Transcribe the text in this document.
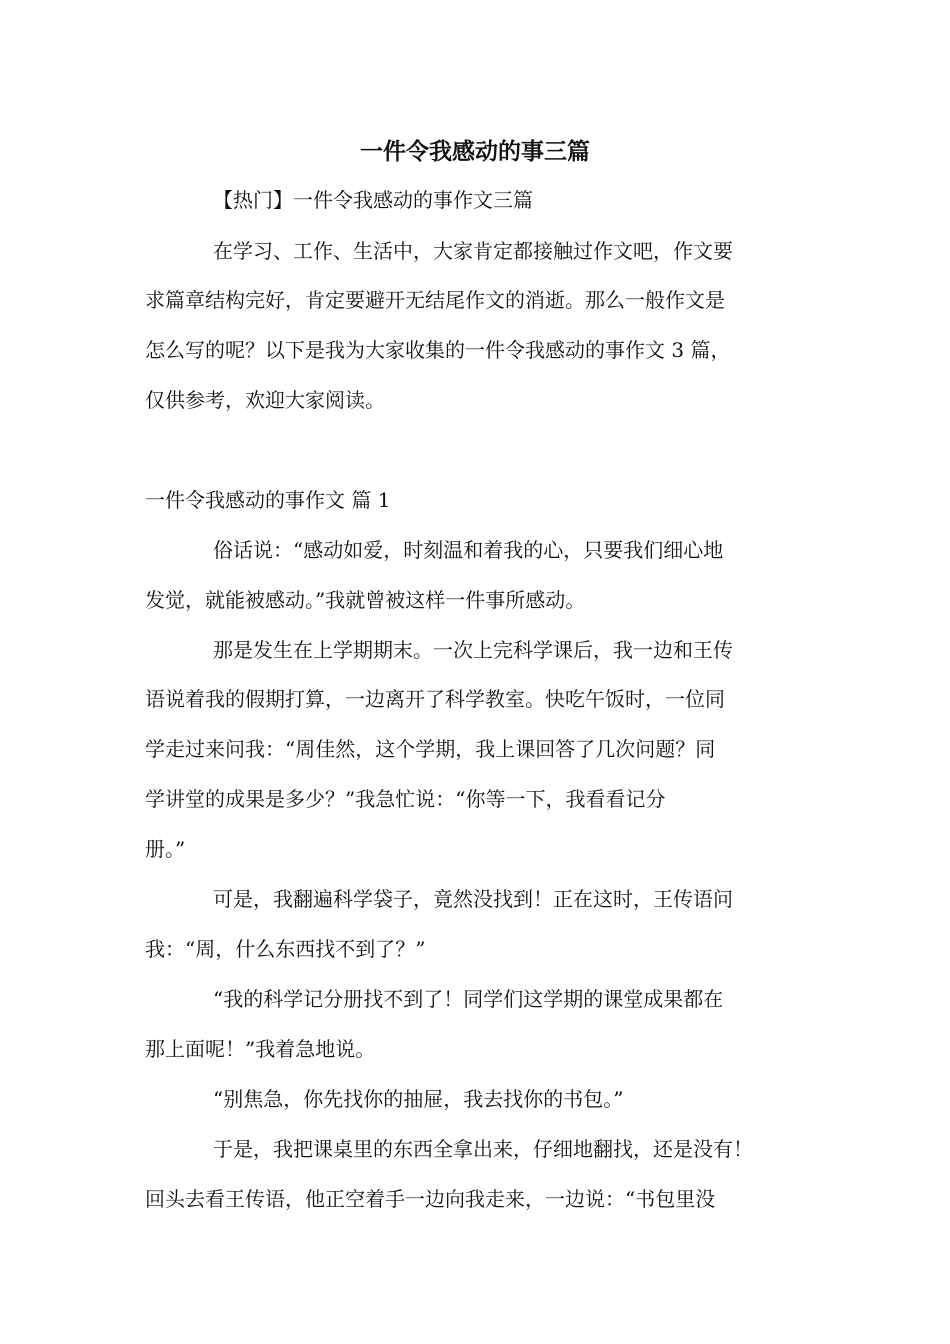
一件令我感动的事三篇
【热门】一件令我感动的事作文三篇
在学习、工作、生活中，大家肯定都接触过作文吧，作文要
求篇章结构完好，肯定要避开无结尾作文的消逝。那么一般作文是
怎么写的呢？以下是我为大家收集的一件令我感动的事作文 3 篇，
仅供参考，欢迎大家阅读。
一件令我感动的事作文 篇 1
俗话说：“感动如爱，时刻温和着我的心，只要我们细心地
发觉，就能被感动。”我就曾被这样一件事所感动。
那是发生在上学期期末。一次上完科学课后，我一边和王传
语说着我的假期打算，一边离开了科学教室。快吃午饭时，一位同
学走过来问我：“周佳然，这个学期，我上课回答了几次问题？同
学讲堂的成果是多少？”我急忙说：“你等一下，我看看记分
册。”
可是，我翻遍科学袋子，竟然没找到！正在这时，王传语问
我：“周，什么东西找不到了？”
“我的科学记分册找不到了！同学们这学期的课堂成果都在
那上面呢！”我着急地说。
“别焦急，你先找你的抽屉，我去找你的书包。”
于是，我把课桌里的东西全拿出来，仔细地翻找，还是没有！
回头去看王传语，他正空着手一边向我走来，一边说：“书包里没
